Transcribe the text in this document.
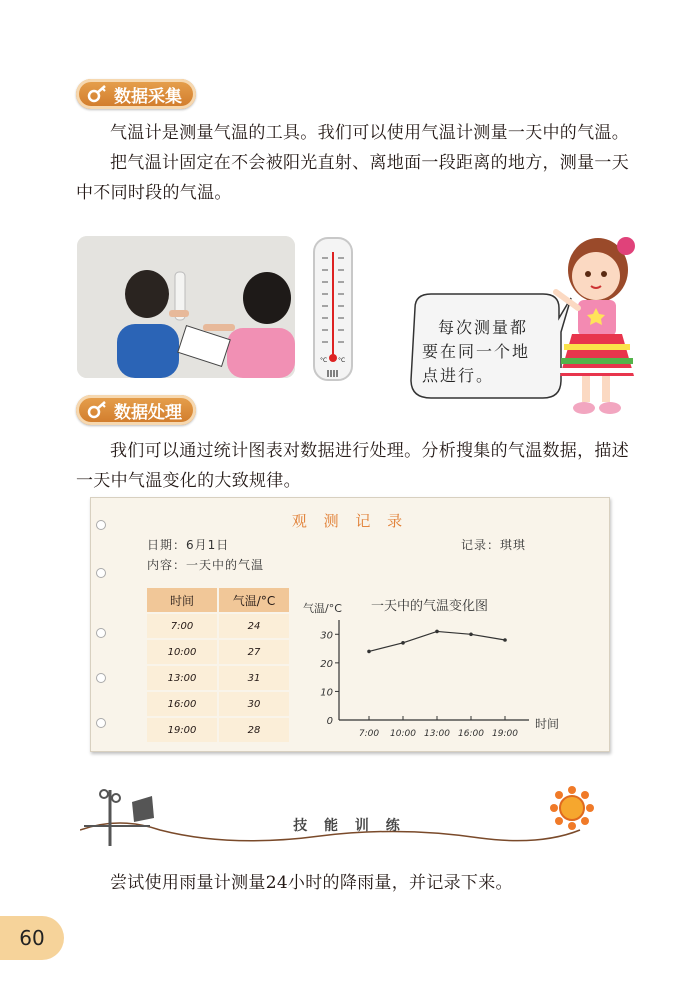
数据采集

气温计是测量气温的工具。我们可以使用气温计测量一天中的气温。

把气温计固定在不会被阳光直射、离地面一段距离的地方，测量一天中不同时段的气温。

°C °C
每次测量都
要在同一个地
点进行。
数据处理

我们可以通过统计图表对数据进行处理。分析搜集的气温数据，描述一天中气温变化的大致规律。

观 测 记 录
日期：6月1日
内容：一天中的气温
记录：琪琪
时间	气温/°C
7:00	24
10:00	27
13:00	31
16:00	30
19:00	28
气温/°C 一天中的气温变化图
时间
0
10
20
30
7:00 10:00 13:00 16:00 19:00
技 能 训 练

尝试使用雨量计测量24小时的降雨量，并记录下来。

60
